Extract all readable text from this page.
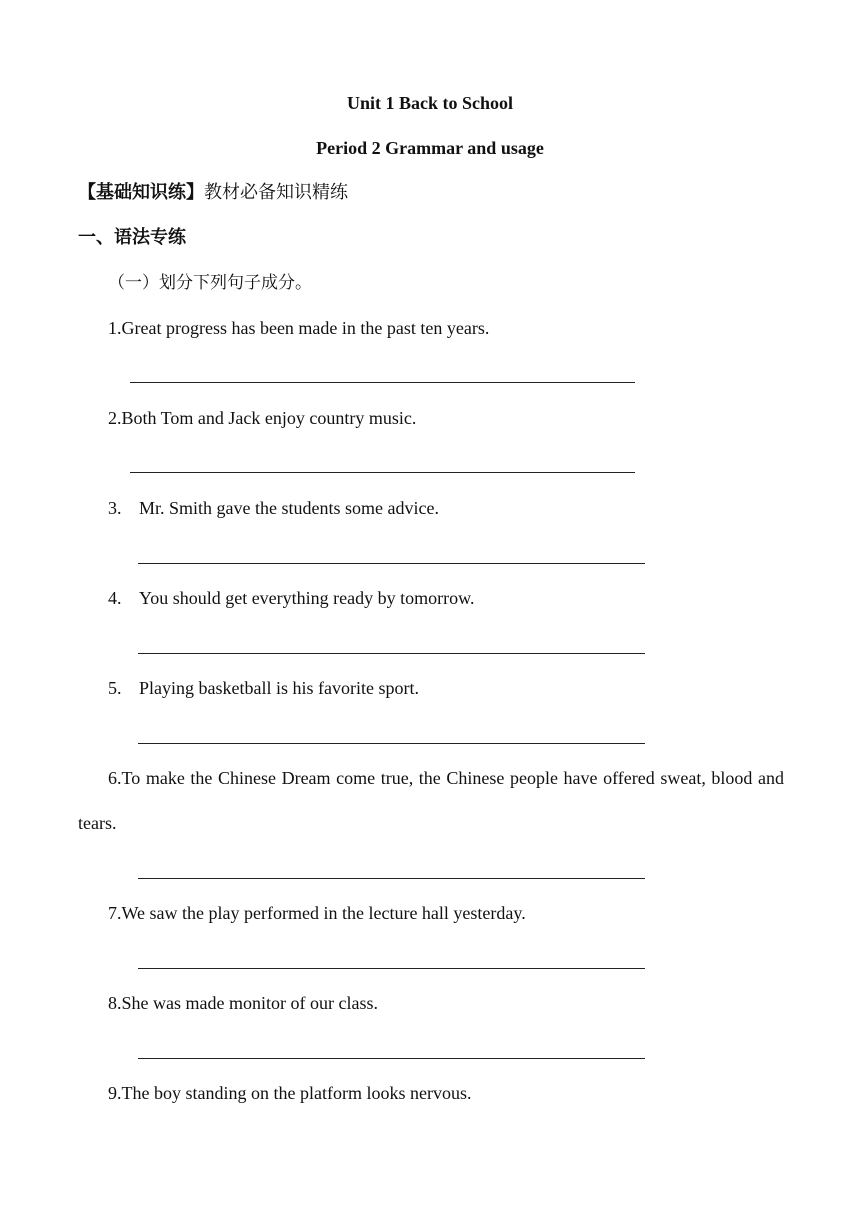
Unit 1 Back to School
Period 2 Grammar and usage
【基础知识练】教材必备知识精练
一、语法专练
（一）划分下列句子成分。
1.Great progress has been made in the past ten years.
2.Both Tom and Jack enjoy country music.
3. Mr. Smith gave the students some advice.
4. You should get everything ready by tomorrow.
5. Playing basketball is his favorite sport.
6.To make the Chinese Dream come true, the Chinese people have offered sweat, blood and tears.
7.We saw the play performed in the lecture hall yesterday.
8.She was made monitor of our class.
9.The boy standing on the platform looks nervous.
